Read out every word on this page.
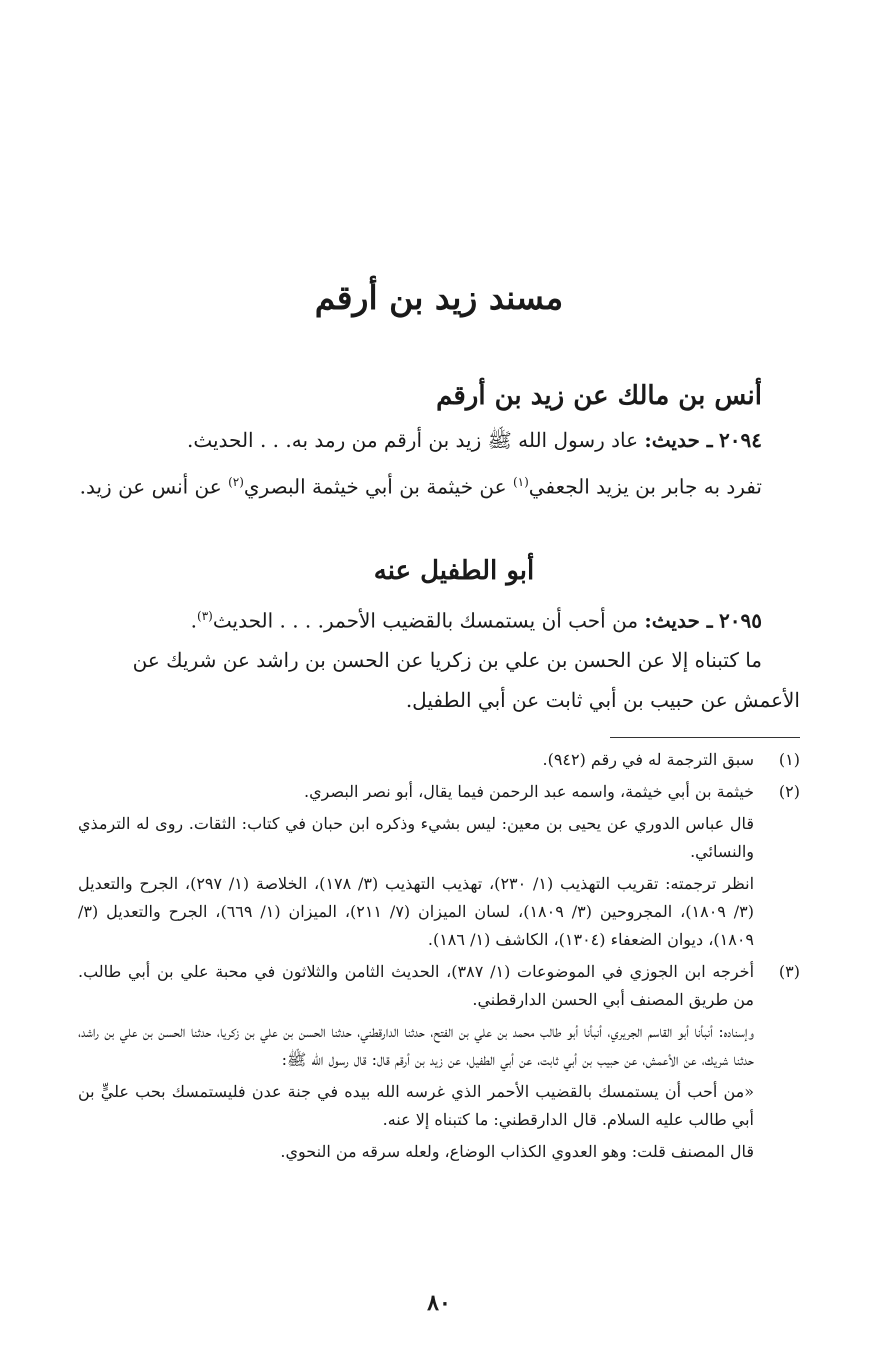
مسند زيد بن أرقم
أنس بن مالك عن زيد بن أرقم

٢٠٩٤ ـ حديث: عاد رسول الله ﷺ زيد بن أرقم من رمد به. . . الحديث.

تفرد به جابر بن يزيد الجعفي$^{(١)}$ عن خيثمة بن أبي خيثمة البصري$^{(٢)}$ عن أنس عن زيد.

أبو الطفيل عنه

٢٠٩٥ ـ حديث: من أحب أن يستمسك بالقضيب الأحمر. . . . الحديث$^{(٣)}$.

ما كتبناه إلا عن الحسن بن علي بن زكريا عن الحسن بن راشد عن شريك عن الأعمش عن حبيب بن أبي ثابت عن أبي الطفيل.

(١)

سبق الترجمة له في رقم (٩٤٢).

(٢)

خيثمة بن أبي خيثمة، واسمه عبد الرحمن فيما يقال، أبو نصر البصري.

قال عباس الدوري عن يحيى بن معين: ليس بشيء وذكره ابن حبان في كتاب: الثقات. روى له الترمذي والنسائي.

انظر ترجمته: تقريب التهذيب (١/ ٢٣٠)، تهذيب التهذيب (٣/ ١٧٨)، الخلاصة (١/ ٢٩٧)، الجرح والتعديل (٣/ ١٨٠٩)، المجروحين (٣/ ١٨٠٩)، لسان الميزان (٧/ ٢١١)، الميزان (١/ ٦٦٩)، الجرح والتعديل (٣/ ١٨٠٩)، ديوان الضعفاء (١٣٠٤)، الكاشف (١/ ١٨٦).

(٣)

أخرجه ابن الجوزي في الموضوعات (١/ ٣٨٧)، الحديث الثامن والثلاثون في محبة علي بن أبي طالب. من طريق المصنف أبي الحسن الدارقطني.

وإسناده: أنبأنا أبو القاسم الجريري، أنبأنا أبو طالب محمد بن علي بن الفتح، حدثنا الدارقطني، حدثنا الحسن بن علي بن زكريا، حدثنا الحسن بن علي بن راشد، حدثنا شريك، عن الأعمش، عن حبيب بن أبي ثابت، عن أبي الطفيل، عن زيد بن أرقم قال: قال رسول الله ﷺ:

«من أحب أن يستمسك بالقضيب الأحمر الذي غرسه الله بيده في جنة عدن فليستمسك بحب عليٍّ بن أبي طالب عليه السلام. قال الدارقطني: ما كتبناه إلا عنه.

قال المصنف قلت: وهو العدوي الكذاب الوضاع، ولعله سرقه من النحوي.

٨٠
